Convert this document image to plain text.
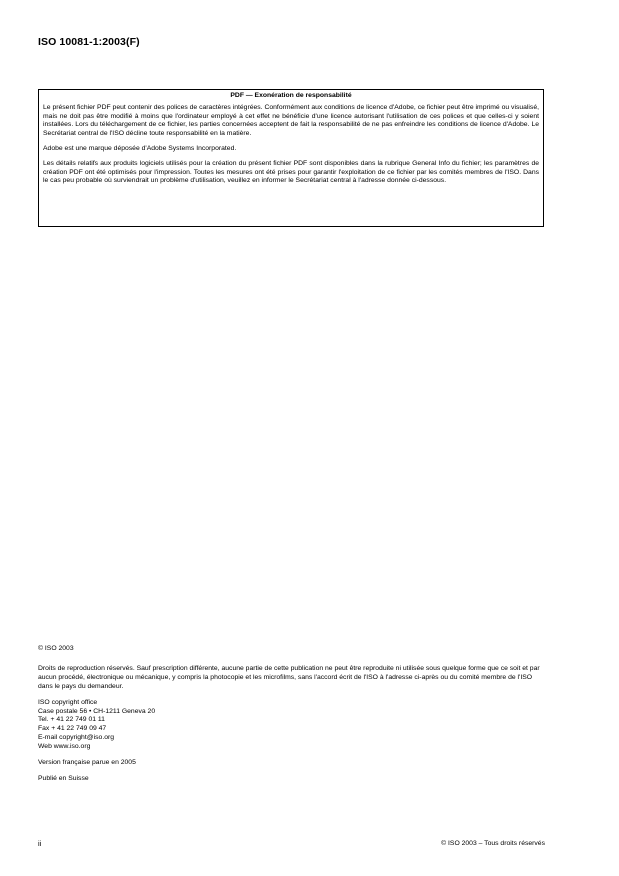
ISO 10081-1:2003(F)
PDF — Exonération de responsabilité

Le présent fichier PDF peut contenir des polices de caractères intégrées. Conformément aux conditions de licence d'Adobe, ce fichier peut être imprimé ou visualisé, mais ne doit pas être modifié à moins que l'ordinateur employé à cet effet ne bénéficie d'une licence autorisant l'utilisation de ces polices et que celles-ci y soient installées. Lors du téléchargement de ce fichier, les parties concernées acceptent de fait la responsabilité de ne pas enfreindre les conditions de licence d'Adobe. Le Secrétariat central de l'ISO décline toute responsabilité en la matière.

Adobe est une marque déposée d'Adobe Systems Incorporated.

Les détails relatifs aux produits logiciels utilisés pour la création du présent fichier PDF sont disponibles dans la rubrique General Info du fichier; les paramètres de création PDF ont été optimisés pour l'impression. Toutes les mesures ont été prises pour garantir l'exploitation de ce fichier par les comités membres de l'ISO. Dans le cas peu probable où surviendrait un problème d'utilisation, veuillez en informer le Secrétariat central à l'adresse donnée ci-dessous.

© ISO 2003

Droits de reproduction réservés. Sauf prescription différente, aucune partie de cette publication ne peut être reproduite ni utilisée sous quelque forme que ce soit et par aucun procédé, électronique ou mécanique, y compris la photocopie et les microfilms, sans l'accord écrit de l'ISO à l'adresse ci-après ou du comité membre de l'ISO dans le pays du demandeur.

ISO copyright office
Case postale 56 • CH-1211 Geneva 20
Tel. + 41 22 749 01 11
Fax + 41 22 749 09 47
E-mail copyright@iso.org
Web www.iso.org

Version française parue en 2005

Publié en Suisse

ii	© ISO 2003 – Tous droits réservés
